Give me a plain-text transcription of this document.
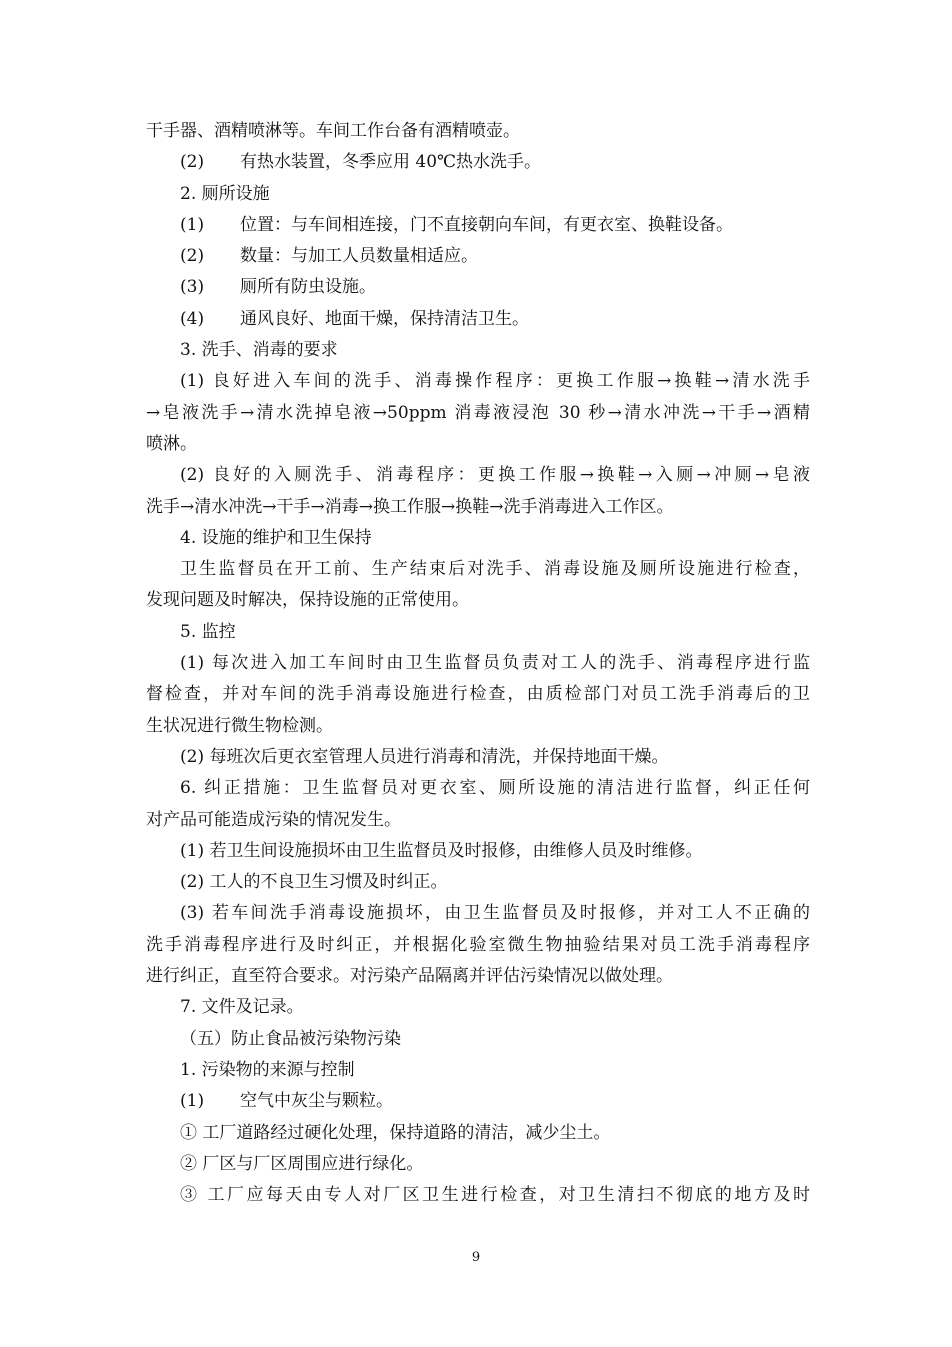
干手器、酒精喷淋等。车间工作台备有酒精喷壶。
(2) 有热水装置，冬季应用 40℃热水洗手。
2. 厕所设施
(1) 位置：与车间相连接，门不直接朝向车间，有更衣室、换鞋设备。
(2) 数量：与加工人员数量相适应。
(3) 厕所有防虫设施。
(4) 通风良好、地面干燥，保持清洁卫生。
3. 洗手、消毒的要求
(1) 良好进入车间的洗手、消毒操作程序：更换工作服→换鞋→清水洗手
→皂液洗手→清水洗掉皂液→50ppm 消毒液浸泡 30 秒→清水冲洗→干手→酒精
喷淋。
(2) 良好的入厕洗手、消毒程序：更换工作服→换鞋→入厕→冲厕→皂液
洗手→清水冲洗→干手→消毒→换工作服→换鞋→洗手消毒进入工作区。
4. 设施的维护和卫生保持
卫生监督员在开工前、生产结束后对洗手、消毒设施及厕所设施进行检查，
发现问题及时解决，保持设施的正常使用。
5. 监控
(1) 每次进入加工车间时由卫生监督员负责对工人的洗手、消毒程序进行监
督检查，并对车间的洗手消毒设施进行检查，由质检部门对员工洗手消毒后的卫
生状况进行微生物检测。
(2) 每班次后更衣室管理人员进行消毒和清洗，并保持地面干燥。
6. 纠正措施：卫生监督员对更衣室、厕所设施的清洁进行监督，纠正任何
对产品可能造成污染的情况发生。
(1) 若卫生间设施损坏由卫生监督员及时报修，由维修人员及时维修。
(2) 工人的不良卫生习惯及时纠正。
(3) 若车间洗手消毒设施损坏，由卫生监督员及时报修，并对工人不正确的
洗手消毒程序进行及时纠正，并根据化验室微生物抽验结果对员工洗手消毒程序
进行纠正，直至符合要求。对污染产品隔离并评估污染情况以做处理。
7. 文件及记录。
（五）防止食品被污染物污染
1. 污染物的来源与控制
(1) 空气中灰尘与颗粒。
① 工厂道路经过硬化处理，保持道路的清洁，减少尘土。
② 厂区与厂区周围应进行绿化。
③ 工厂应每天由专人对厂区卫生进行检查，对卫生清扫不彻底的地方及时
9
